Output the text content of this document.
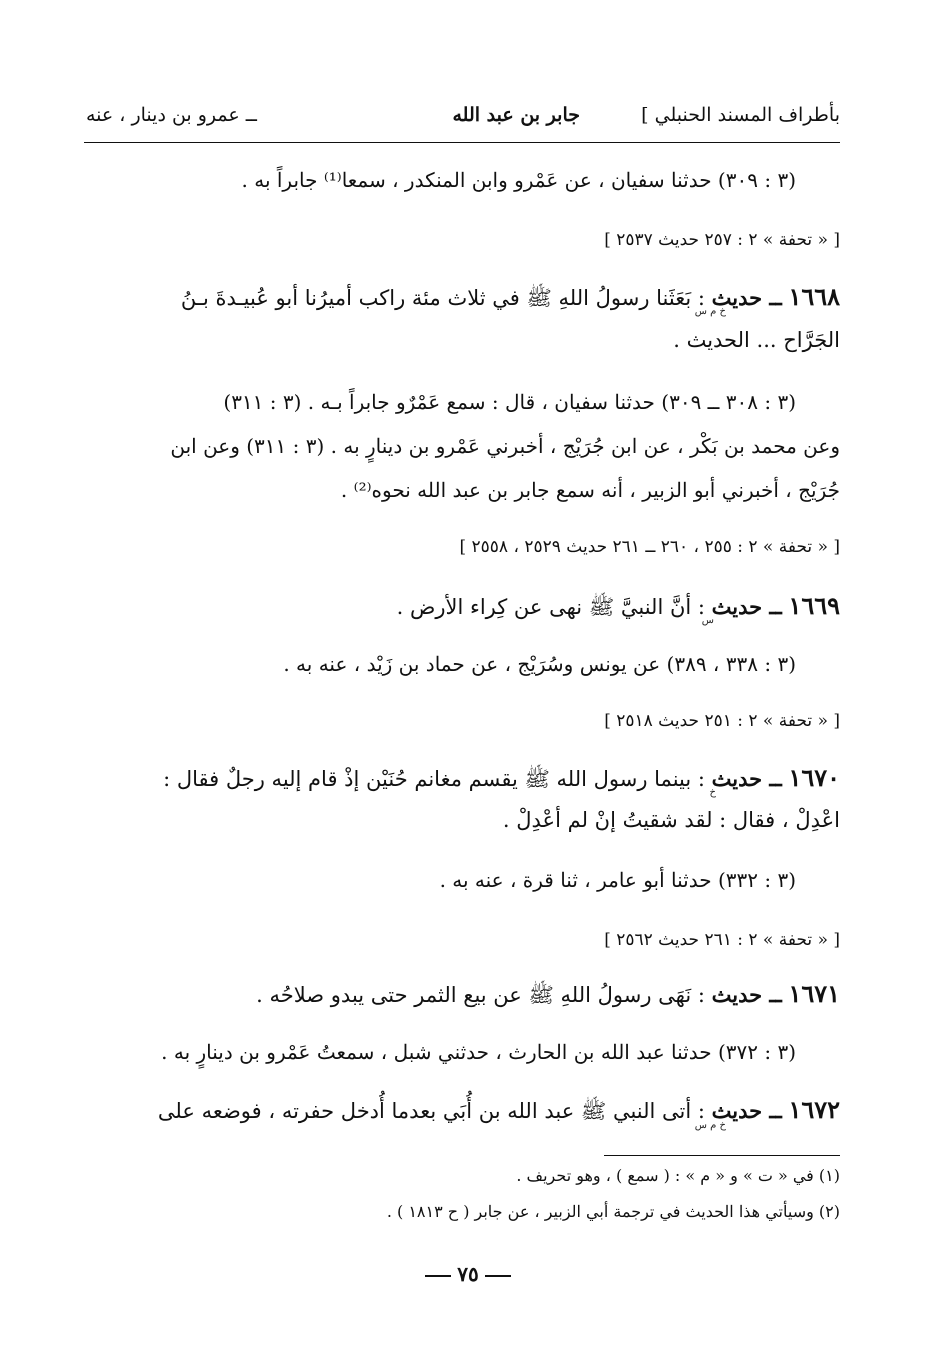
بأطراف المسند الحنبلي ]
جابر بن عبد الله
ــ عمرو بن دينار ، عنه
(٣ : ٣٠٩) حدثنا سفيان ، عن عَمْرو وابن المنكدر ، سمعا⁽¹⁾ جابراً به .
[ « تحفة » ٢ : ٢٥٧ حديث ٢٥٣٧ ]
١٦٦٨ ــ حديث : بَعَثَنا رسولُ اللهِ ﷺ في ثلاث مئة راكب أميرُنا أبو عُبيـدةَ بـنُ
خ م س
الجَرَّاح ... الحديث .
(٣ : ٣٠٨ ــ ٣٠٩) حدثنا سفيان ، قال : سمع عَمْرٌو جابراً بـه . (٣ : ٣١١)
وعن محمد بن بَكْر ، عن ابن جُرَيْج ، أخبرني عَمْرو بن دينارٍ به . (٣ : ٣١١) وعن ابن
جُرَيْج ، أخبرني أبو الزبير ، أنه سمع جابر بن عبد الله نحوه⁽²⁾ .
[ « تحفة » ٢ : ٢٥٥ ، ٢٦٠ ــ ٢٦١ حديث ٢٥٢٩ ، ٢٥٥٨ ]
١٦٦٩ ــ حديث : أنَّ النبيَّ ﷺ نهى عن كِراء الأرض .
س
(٣ : ٣٣٨ ، ٣٨٩) عن يونس وسُرَيْج ، عن حماد بن زَيْد ، عنه به .
[ « تحفة » ٢ : ٢٥١ حديث ٢٥١٨ ]
١٦٧٠ ــ حديث : بينما رسول الله ﷺ يقسم مغانم حُنَيْن إذْ قام إليه رجلٌ فقال :
خ
اعْدِلْ ، فقال : لقد شقيتُ إنْ لم أعْدِلْ .
(٣ : ٣٣٢) حدثنا أبو عامر ، ثنا قرة ، عنه به .
[ « تحفة » ٢ : ٢٦١ حديث ٢٥٦٢ ]
١٦٧١ ــ حديث : نَهَى رسولُ اللهِ ﷺ عن بيع الثمر حتى يبدو صلاحُه .
(٣ : ٣٧٢) حدثنا عبد الله بن الحارث ، حدثني شبل ، سمعتُ عَمْرو بن دينارٍ به .
١٦٧٢ ــ حديث : أتى النبي ﷺ عبد الله بن أُبَي بعدما أُدخل حفرته ، فوضعه على
خ م س
(١) في « ت » و « م » : ( سمع ) ، وهو تحريف .
(٢) وسيأتي هذا الحديث في ترجمة أبي الزبير ، عن جابر ( ح ١٨١٣ ) .
٧٥
